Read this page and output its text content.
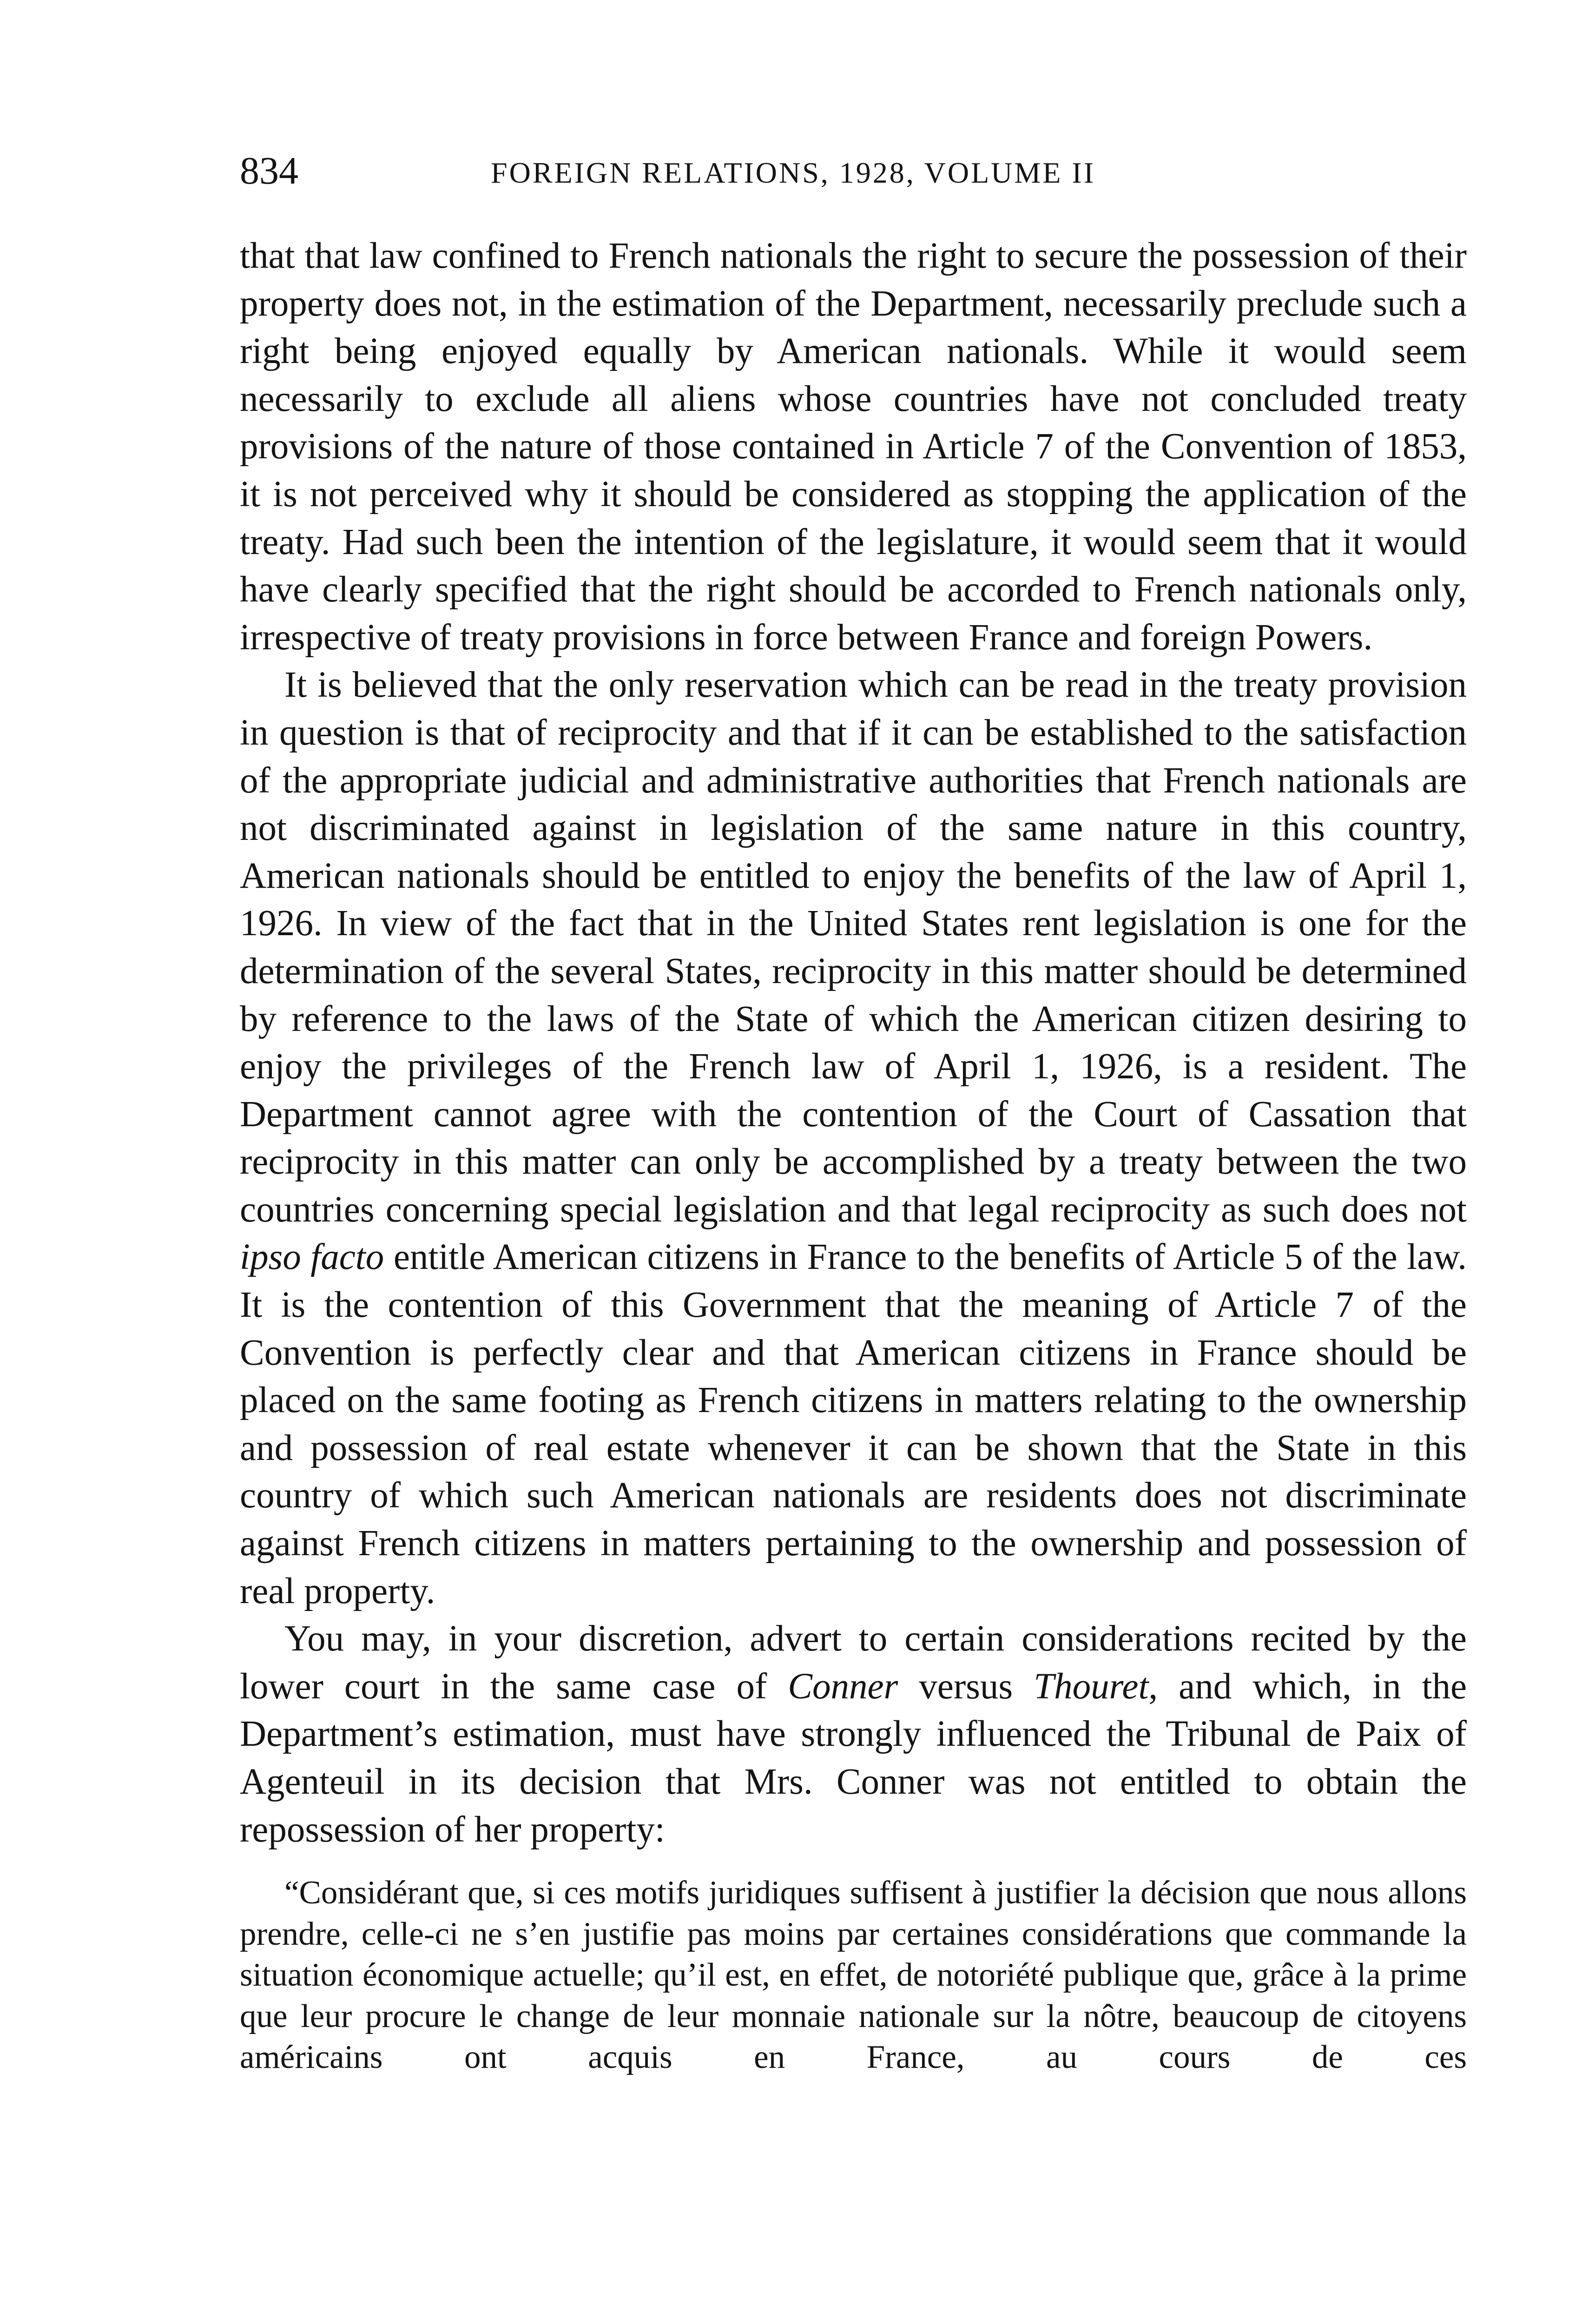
834	FOREIGN RELATIONS, 1928, VOLUME II

that that law confined to French nationals the right to secure the possession of their property does not, in the estimation of the Department, necessarily preclude such a right being enjoyed equally by American nationals. While it would seem necessarily to exclude all aliens whose countries have not concluded treaty provisions of the nature of those contained in Article 7 of the Convention of 1853, it is not perceived why it should be considered as stopping the application of the treaty. Had such been the intention of the legislature, it would seem that it would have clearly specified that the right should be accorded to French nationals only, irrespective of treaty provisions in force between France and foreign Powers.

It is believed that the only reservation which can be read in the treaty provision in question is that of reciprocity and that if it can be established to the satisfaction of the appropriate judicial and administrative authorities that French nationals are not discriminated against in legislation of the same nature in this country, American nationals should be entitled to enjoy the benefits of the law of April 1, 1926. In view of the fact that in the United States rent legislation is one for the determination of the several States, reciprocity in this matter should be determined by reference to the laws of the State of which the American citizen desiring to enjoy the privileges of the French law of April 1, 1926, is a resident. The Department cannot agree with the contention of the Court of Cassation that reciprocity in this matter can only be accomplished by a treaty between the two countries concerning special legislation and that legal reciprocity as such does not ipso facto entitle American citizens in France to the benefits of Article 5 of the law. It is the contention of this Government that the meaning of Article 7 of the Convention is perfectly clear and that American citizens in France should be placed on the same footing as French citizens in matters relating to the ownership and possession of real estate whenever it can be shown that the State in this country of which such American nationals are residents does not discriminate against French citizens in matters pertaining to the ownership and possession of real property.

You may, in your discretion, advert to certain considerations recited by the lower court in the same case of Conner versus Thouret, and which, in the Department’s estimation, must have strongly influenced the Tribunal de Paix of Agenteuil in its decision that Mrs. Conner was not entitled to obtain the repossession of her property:

“Considérant que, si ces motifs juridiques suffisent à justifier la décision que nous allons prendre, celle-ci ne s’en justifie pas moins par certaines considérations que commande la situation économique actuelle; qu’il est, en effet, de notoriété publique que, grâce à la prime que leur procure le change de leur monnaie nationale sur la nôtre, beaucoup de citoyens américains ont acquis en France, au cours de ces
